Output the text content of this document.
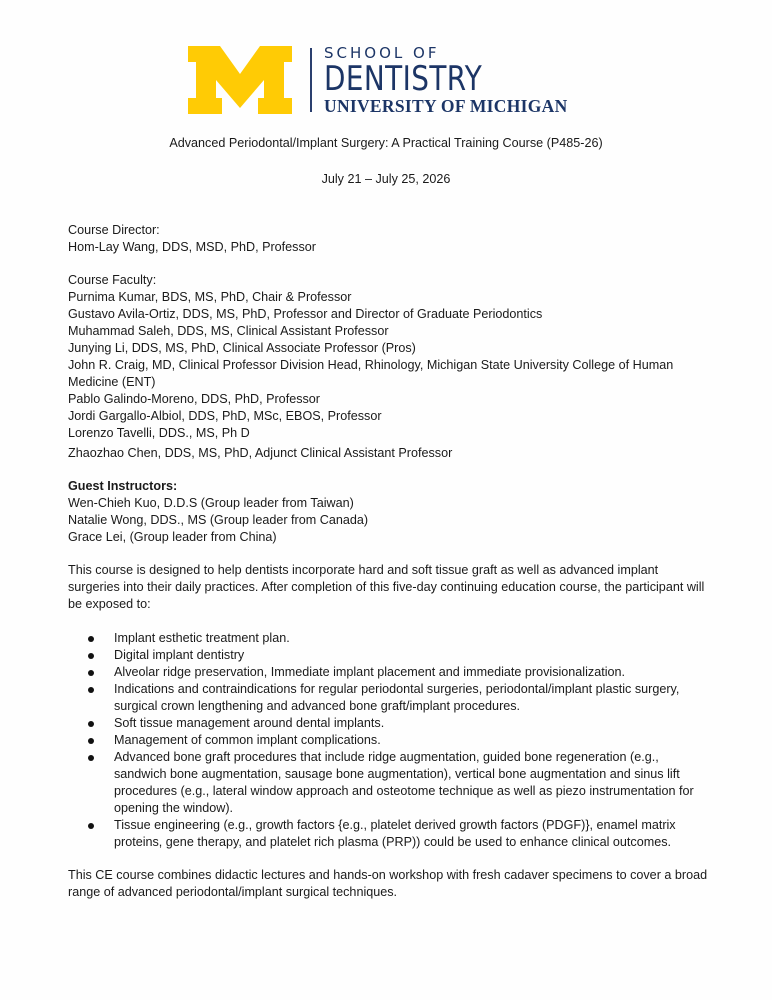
SCHOOL OF
DENTISTRY
UNIVERSITY OF MICHIGAN
Advanced Periodontal/Implant Surgery: A Practical Training Course (P485-26)
July 21 – July 25, 2026
Course Director:
Hom-Lay Wang, DDS, MSD, PhD, Professor
Course Faculty:
Purnima Kumar, BDS, MS, PhD, Chair & Professor
Gustavo Avila-Ortiz, DDS, MS, PhD, Professor and Director of Graduate Periodontics
Muhammad Saleh, DDS, MS, Clinical Assistant Professor
Junying Li, DDS, MS, PhD, Clinical Associate Professor (Pros)
John R. Craig, MD, Clinical Professor Division Head, Rhinology, Michigan State University College of Human
Medicine (ENT)
Pablo Galindo-Moreno, DDS, PhD, Professor
Jordi Gargallo-Albiol, DDS, PhD, MSc, EBOS, Professor
Lorenzo Tavelli, DDS., MS, Ph D
Zhaozhao Chen, DDS, MS, PhD, Adjunct Clinical Assistant Professor
Guest Instructors:
Wen-Chieh Kuo, D.D.S (Group leader from Taiwan)
Natalie Wong, DDS., MS (Group leader from Canada)
Grace Lei, (Group leader from China)
This course is designed to help dentists incorporate hard and soft tissue graft as well as advanced implant surgeries into their daily practices. After completion of this five-day continuing education course, the participant will be exposed to:
Implant esthetic treatment plan.
Digital implant dentistry
Alveolar ridge preservation, Immediate implant placement and immediate provisionalization.
Indications and contraindications for regular periodontal surgeries, periodontal/implant plastic surgery, surgical crown lengthening and advanced bone graft/implant procedures.
Soft tissue management around dental implants.
Management of common implant complications.
Advanced bone graft procedures that include ridge augmentation, guided bone regeneration (e.g., sandwich bone augmentation, sausage bone augmentation), vertical bone augmentation and sinus lift procedures (e.g., lateral window approach and osteotome technique as well as piezo instrumentation for opening the window).
Tissue engineering (e.g., growth factors {e.g., platelet derived growth factors (PDGF)}, enamel matrix proteins, gene therapy, and platelet rich plasma (PRP)) could be used to enhance clinical outcomes.
This CE course combines didactic lectures and hands-on workshop with fresh cadaver specimens to cover a broad range of advanced periodontal/implant surgical techniques.
